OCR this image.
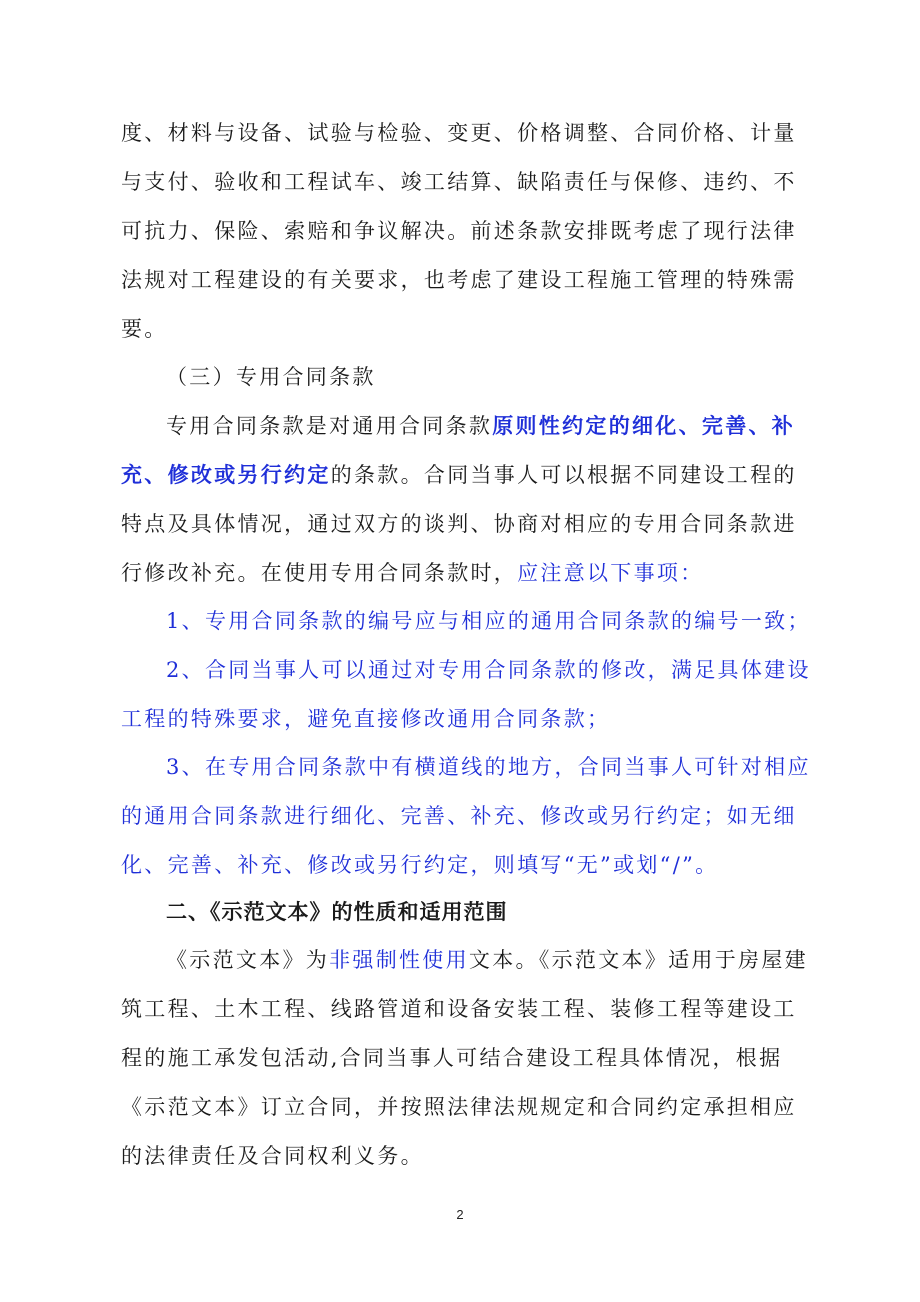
度、材料与设备、试验与检验、变更、价格调整、合同价格、计量
与支付、验收和工程试车、竣工结算、缺陷责任与保修、违约、不
可抗力、保险、索赔和争议解决。前述条款安排既考虑了现行法律
法规对工程建设的有关要求，也考虑了建设工程施工管理的特殊需
要。
（三）专用合同条款
专用合同条款是对通用合同条款原则性约定的细化、完善、补
充、修改或另行约定的条款。合同当事人可以根据不同建设工程的
特点及具体情况，通过双方的谈判、协商对相应的专用合同条款进
行修改补充。在使用专用合同条款时，应注意以下事项：
1、专用合同条款的编号应与相应的通用合同条款的编号一致；
2、合同当事人可以通过对专用合同条款的修改，满足具体建设
工程的特殊要求，避免直接修改通用合同条款；
3、在专用合同条款中有横道线的地方，合同当事人可针对相应
的通用合同条款进行细化、完善、补充、修改或另行约定；如无细
化、完善、补充、修改或另行约定，则填写“无”或划“/”。
二、《示范文本》的性质和适用范围
《示范文本》为非强制性使用文本。《示范文本》适用于房屋建
筑工程、土木工程、线路管道和设备安装工程、装修工程等建设工
程的施工承发包活动,合同当事人可结合建设工程具体情况，根据
《示范文本》订立合同，并按照法律法规规定和合同约定承担相应
的法律责任及合同权利义务。
2
